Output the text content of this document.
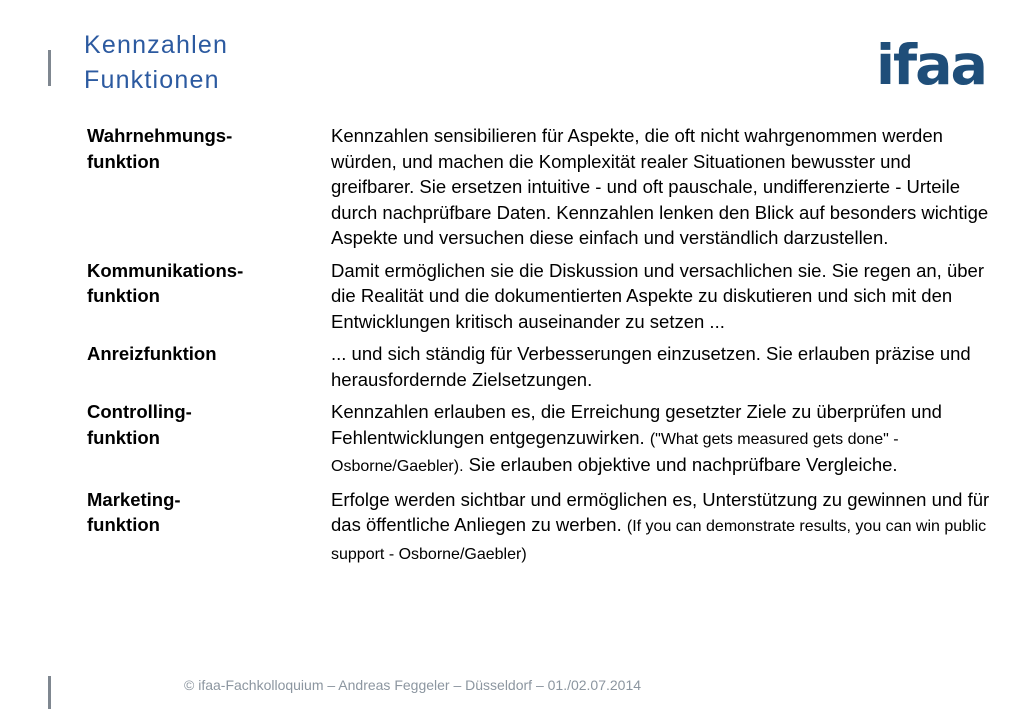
Kennzahlen
Funktionen	ifaa
Wahrnehmungs-
funktion
Kennzahlen sensibilieren für Aspekte, die oft nicht wahrgenommen werden würden, und machen die Komplexität realer Situationen bewusster und greifbarer. Sie ersetzen intuitive - und oft pauschale, undifferenzierte - Urteile durch nachprüfbare Daten. Kennzahlen lenken den Blick auf besonders wichtige Aspekte und versuchen diese einfach und verständlich darzustellen.
Kommunikations-
funktion
Damit ermöglichen sie die Diskussion und versachlichen sie. Sie regen an, über die Realität und die dokumentierten Aspekte zu diskutieren und sich mit den Entwicklungen kritisch auseinander zu setzen ...
Anreizfunktion	... und sich ständig für Verbesserungen einzusetzen. Sie erlauben präzise und herausfordernde Zielsetzungen.
Controlling-
funktion
Kennzahlen erlauben es, die Erreichung gesetzter Ziele zu überprüfen und Fehlentwicklungen entgegenzuwirken. ("What gets measured gets done" - Osborne/Gaebler). Sie erlauben objektive und nachprüfbare Vergleiche.
Marketing-
funktion
Erfolge werden sichtbar und ermöglichen es, Unterstützung zu gewinnen und für das öffentliche Anliegen zu werben. (If you can demonstrate results, you can win public support - Osborne/Gaebler)
© ifaa-Fachkolloquium – Andreas Feggeler – Düsseldorf – 01./02.07.2014
